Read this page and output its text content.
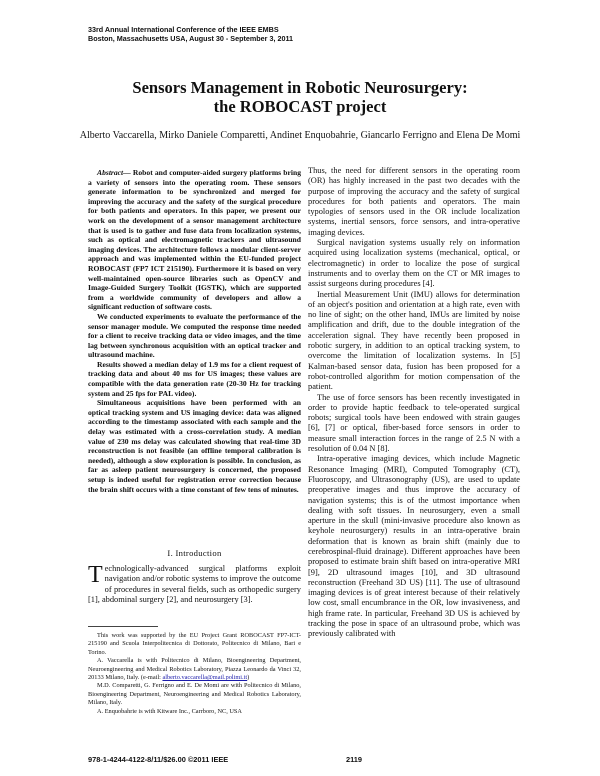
33rd Annual International Conference of the IEEE EMBS
Boston, Massachusetts USA, August 30 - September 3, 2011
Sensors Management in Robotic Neurosurgery:
the ROBOCAST project
Alberto Vaccarella, Mirko Daniele Comparetti, Andinet Enquobahrie, Giancarlo Ferrigno and Elena De Momi

Abstract— Robot and computer-aided surgery platforms bring a variety of sensors into the operating room. These sensors generate information to be synchronized and merged for improving the accuracy and the safety of the surgical procedure for both patients and operators. In this paper, we present our work on the development of a sensor management architecture that is used is to gather and fuse data from localization systems, such as optical and electromagnetic trackers and ultrasound imaging devices. The architecture follows a modular client-server approach and was implemented within the EU-funded project ROBOCAST (FP7 ICT 215190). Furthermore it is based on very well-maintained open-source libraries such as OpenCV and Image-Guided Surgery Toolkit (IGSTK), which are supported from a worldwide community of developers and allow a significant reduction of software costs.

We conducted experiments to evaluate the performance of the sensor manager module. We computed the response time needed for a client to receive tracking data or video images, and the time lag between synchronous acquisition with an optical tracker and ultrasound machine.

Results showed a median delay of 1.9 ms for a client request of tracking data and about 40 ms for US images; these values are compatible with the data generation rate (20-30 Hz for tracking system and 25 fps for PAL video).

Simultaneous acquisitions have been performed with an optical tracking system and US imaging device: data was aligned according to the timestamp associated with each sample and the delay was estimated with a cross-correlation study. A median value of 230 ms delay was calculated showing that real-time 3D reconstruction is not feasible (an offline temporal calibration is needed), although a slow exploration is possible. In conclusion, as far as asleep patient neurosurgery is concerned, the proposed setup is indeed useful for registration error correction because the brain shift occurs with a time constant of few tens of minutes.

I. Introduction
Technologically-advanced surgical platforms exploit navigation and/or robotic systems to improve the outcome of procedures in several fields, such as orthopedic surgery [1], abdominal surgery [2], and neurosurgery [3].

This work was supported by the EU Project Grant ROBOCAST FP7-ICT-215190 and Scuola Interpolitecnica di Dottorato, Politecnico di Milano, Bari e Torino.

A. Vaccarella is with Politecnico di Milano, Bioengineering Department, Neuroengineering and Medical Robotics Laboratory, Piazza Leonardo da Vinci 32, 20133 Milano, Italy. (e-mail: alberto.vaccarella@mail.polimi.it)

M.D. Comparetti, G. Ferrigno and E. De Momi are with Politecnico di Milano, Bioengineering Department, Neuroengineering and Medical Robotics Laboratory, Milano, Italy.

A. Enquobahrie is with Kitware Inc., Carrboro, NC, USA

Thus, the need for different sensors in the operating room (OR) has highly increased in the past two decades with the purpose of improving the accuracy and the safety of surgical procedures for both patients and operators. The main typologies of sensors used in the OR include localization systems, inertial sensors, force sensors, and intra-operative imaging devices.

Surgical navigation systems usually rely on information acquired using localization systems (mechanical, optical, or electromagnetic) in order to localize the pose of surgical instruments and to overlay them on the CT or MR images to assist surgeons during procedures [4].

Inertial Measurement Unit (IMU) allows for determination of an object's position and orientation at a high rate, even with no line of sight; on the other hand, IMUs are limited by noise amplification and drift, due to the double integration of the acceleration signal. They have recently been proposed in robotic surgery, in addition to an optical tracking system, to overcome the limitation of localization systems. In [5] Kalman-based sensor data, fusion has been proposed for a robot-controlled algorithm for motion compensation of the patient.

The use of force sensors has been recently investigated in order to provide haptic feedback to tele-operated surgical robots; surgical tools have been endowed with strain gauges [6], [7] or optical, fiber-based force sensors in order to measure small interaction forces in the range of 2.5 N with a resolution of 0.04 N [8].

Intra-operative imaging devices, which include Magnetic Resonance Imaging (MRI), Computed Tomography (CT), Fluoroscopy, and Ultrasonography (US), are used to update preoperative images and thus improve the accuracy of navigation systems; this is of the utmost importance when dealing with soft tissues. In neurosurgery, even a small aperture in the skull (mini-invasive procedure also known as keyhole neurosurgery) results in an intra-operative brain deformation that is known as brain shift (mainly due to cerebrospinal-fluid drainage). Different approaches have been proposed to estimate brain shift based on intra-operative MRI [9], 2D ultrasound images [10], and 3D ultrasound reconstruction (Freehand 3D US) [11]. The use of ultrasound imaging devices is of great interest because of their relatively low cost, small encumbrance in the OR, low invasiveness, and high frame rate. In particular, Freehand 3D US is achieved by tracking the pose in space of an ultrasound probe, which was previously calibrated with

978-1-4244-4122-8/11/$26.00 ©2011 IEEE	2119
